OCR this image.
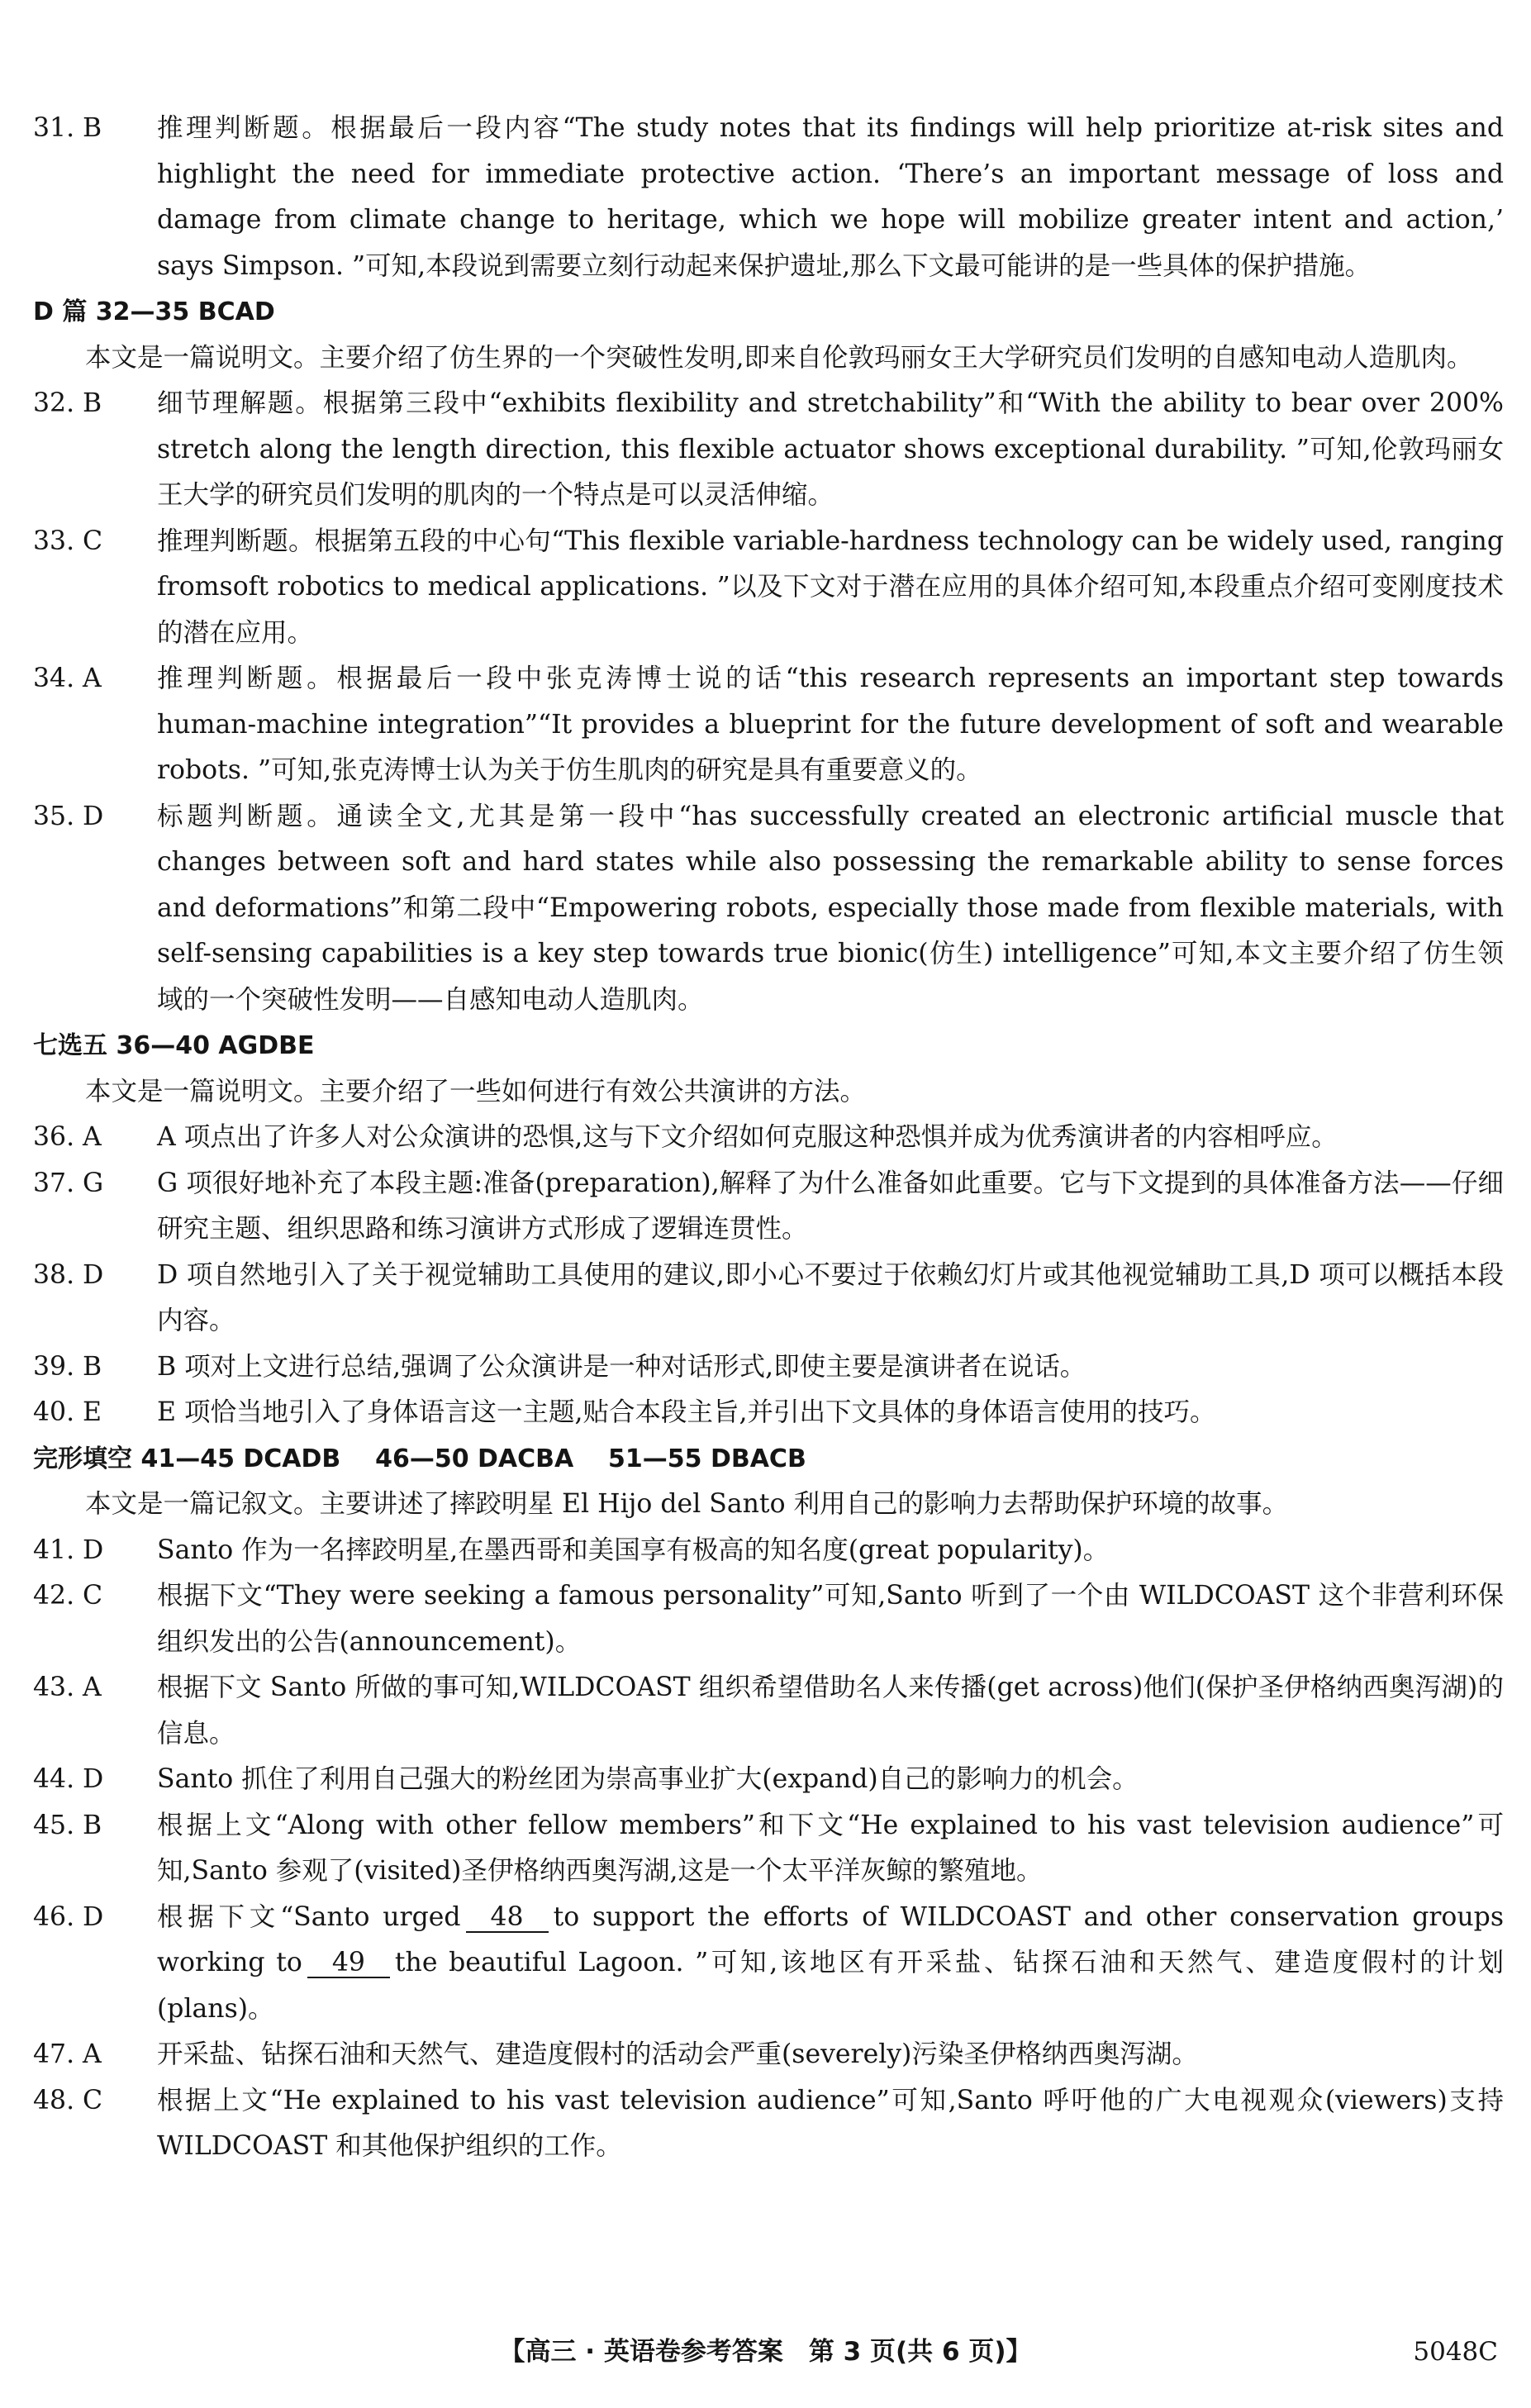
31. B	推理判断题。根据最后一段内容“The study notes that its findings will help prioritize at-risk sites and highlight the need for immediate protective action. ‘There’s an important message of loss and damage from climate change to heritage, which we hope will mobilize greater intent and action,’ says Simpson. ”可知,本段说到需要立刻行动起来保护遗址,那么下文最可能讲的是一些具体的保护措施。
D 篇 32—35 BCAD
本文是一篇说明文。主要介绍了仿生界的一个突破性发明,即来自伦敦玛丽女王大学研究员们发明的自感知电动人造肌肉。
32. B	细节理解题。根据第三段中“exhibits flexibility and stretchability”和“With the ability to bear over 200% stretch along the length direction, this flexible actuator shows exceptional durability. ”可知,伦敦玛丽女王大学的研究员们发明的肌肉的一个特点是可以灵活伸缩。
33. C	推理判断题。根据第五段的中心句“This flexible variable-hardness technology can be widely used, ranging fromsoft robotics to medical applications. ”以及下文对于潜在应用的具体介绍可知,本段重点介绍可变刚度技术的潜在应用。
34. A	推理判断题。根据最后一段中张克涛博士说的话“this research represents an important step towards human-machine integration”“It provides a blueprint for the future development of soft and wearable robots. ”可知,张克涛博士认为关于仿生肌肉的研究是具有重要意义的。
35. D	标题判断题。通读全文,尤其是第一段中“has successfully created an electronic artificial muscle that changes between soft and hard states while also possessing the remarkable ability to sense forces and deformations”和第二段中“Empowering robots, especially those made from flexible materials, with self-sensing capabilities is a key step towards true bionic(仿生) intelligence”可知,本文主要介绍了仿生领域的一个突破性发明——自感知电动人造肌肉。
七选五 36—40 AGDBE
本文是一篇说明文。主要介绍了一些如何进行有效公共演讲的方法。
36. A	A 项点出了许多人对公众演讲的恐惧,这与下文介绍如何克服这种恐惧并成为优秀演讲者的内容相呼应。
37. G	G 项很好地补充了本段主题:准备(preparation),解释了为什么准备如此重要。它与下文提到的具体准备方法——仔细研究主题、组织思路和练习演讲方式形成了逻辑连贯性。
38. D	D 项自然地引入了关于视觉辅助工具使用的建议,即小心不要过于依赖幻灯片或其他视觉辅助工具,D 项可以概括本段内容。
39. B	B 项对上文进行总结,强调了公众演讲是一种对话形式,即使主要是演讲者在说话。
40. E	E 项恰当地引入了身体语言这一主题,贴合本段主旨,并引出下文具体的身体语言使用的技巧。
完形填空 41—45 DCADB    46—50 DACBA    51—55 DBACB
本文是一篇记叙文。主要讲述了摔跤明星 El Hijo del Santo 利用自己的影响力去帮助保护环境的故事。
41. D	Santo 作为一名摔跤明星,在墨西哥和美国享有极高的知名度(great popularity)。
42. C	根据下文“They were seeking a famous personality”可知,Santo 听到了一个由 WILDCOAST 这个非营利环保组织发出的公告(announcement)。
43. A	根据下文 Santo 所做的事可知,WILDCOAST 组织希望借助名人来传播(get across)他们(保护圣伊格纳西奥泻湖)的信息。
44. D	Santo 抓住了利用自己强大的粉丝团为崇高事业扩大(expand)自己的影响力的机会。
45. B	根据上文“Along with other fellow members”和下文“He explained to his vast television audience”可知,Santo 参观了(visited)圣伊格纳西奥泻湖,这是一个太平洋灰鲸的繁殖地。
46. D	根据下文“Santo urged 48 to support the efforts of WILDCOAST and other conservation groups working to 49 the beautiful Lagoon. ”可知,该地区有开采盐、钻探石油和天然气、建造度假村的计划(plans)。
47. A	开采盐、钻探石油和天然气、建造度假村的活动会严重(severely)污染圣伊格纳西奥泻湖。
48. C	根据上文“He explained to his vast television audience”可知,Santo 呼吁他的广大电视观众(viewers)支持 WILDCOAST 和其他保护组织的工作。
【高三 · 英语卷参考答案　第 3 页(共 6 页)】	5048C
